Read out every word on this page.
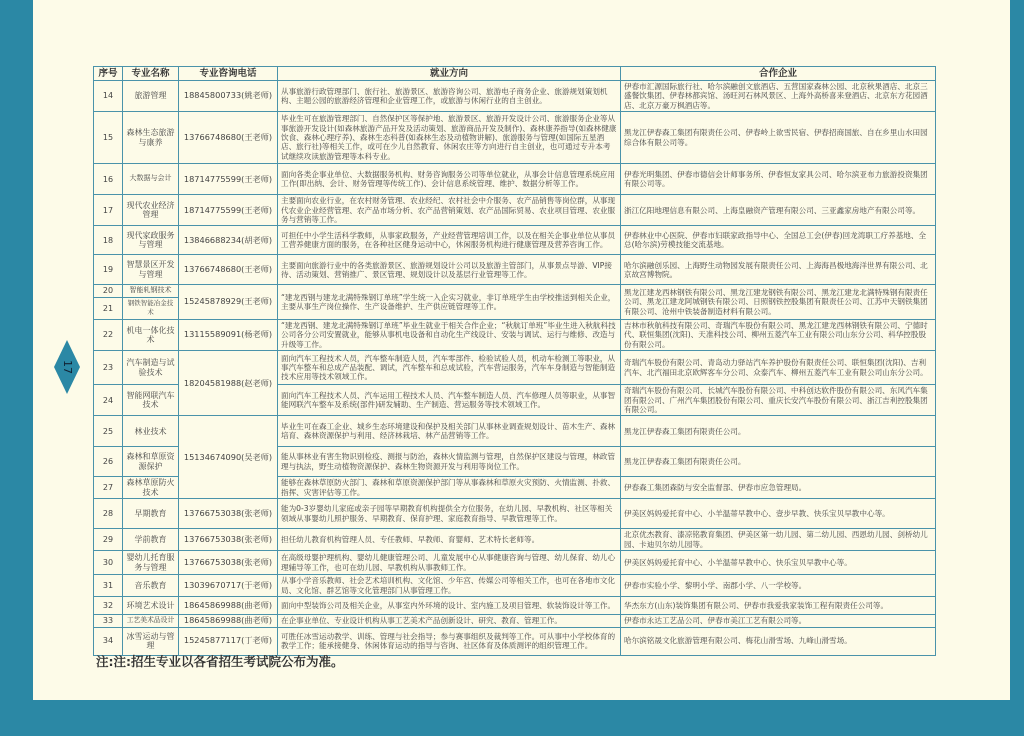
17
序号	专业名称	专业咨询电话	就业方向	合作企业
14	旅游管理	18845800733(姚老师)	从事旅游行政管理部门、旅行社、旅游景区、旅游咨询公司、旅游电子商务企业、旅游规划策划机构、主题公园的旅游经济管理和企业管理工作，或旅游与休闲行业的自主创业。	伊春市汇源国际旅行社、哈尔滨融创文旅酒店、五营国家森林公园、北京秋果酒店、北京三盛餐饮集团、伊春林都宾馆、汤旺河石林风景区、上海外高桥喜来登酒店、北京东方花园酒店、北京万豪万枫酒店等。
15	森林生态旅游与康养	13766748680(王老师)	毕业生可在旅游管理部门、自然保护区等保护地、旅游景区、旅游开发设计公司、旅游服务企业等从事旅游开发设计(如森林旅游产品开发及活动策划、旅游商品开发及制作)、森林康养指导(如森林健康饮食、森林心理疗养)、森林生态科普(如森林生态及动植物讲解)、旅游服务与管理(如国际五星酒店、旅行社)等相关工作，或可在少儿自然教育、休闲农庄等方向进行自主创业，也可通过专升本考试继续攻读旅游管理等本科专业。	黑龙江伊春森工集团有限责任公司、伊春岭上欲雪民宿、伊春招商国旅、自在乡里山水田园综合体有限公司等。
16	大数据与会计	18714775599(王老师)	面向各类企事业单位、大数据服务机构、财务咨询服务公司等单位就业，从事会计信息管理系统应用工作(即出纳、会计、财务管理等传统工作)、会计信息系统管理、维护、数据分析等工作。	伊春光明集团、伊春市德信会计师事务所、伊春恒友家具公司、哈尔滨亚布力旅游投资集团有限公司等。
17	现代农业经济管理	18714775599(王老师)	主要面向农业行业，在农村财务管理、农业经纪、农村社会中介服务、农产品销售等岗位群，从事现代农业企业经营管理、农产品市场分析、农产品营销策划、农产品国际贸易、农业项目管理、农业服务与营销等工作。	浙江亿阳地理信息有限公司、上海皇融资产管理有限公司、三亚鑫家房地产有限公司等。
18	现代家政服务与管理	13846688234(胡老师)	可担任中小学生活科学教师，从事家政服务，产业经营管理培训工作，以及在相关企事业单位从事员工营养健康方面的服务，在各种社区健身运动中心，休闲服务机构进行健康管理及营养咨询工作。	伊春林业中心医院、伊春市妇联家政指导中心、全国总工会(伊春)回龙湾职工疗养基地、全总(哈尔滨)劳模技能交流基地。
19	智慧景区开发与管理	13766748680(王老师)	主要面向旅游行业中的各类旅游景区、旅游规划设计公司以及旅游主管部门，从事景点导游、VIP接待、活动策划、营销推广、景区管理、规划设计以及基层行业管理等工作。	哈尔滨融创乐园、上海野生动物园发展有限责任公司、上海海昌极地海洋世界有限公司、北京故宫博物院。
20	智能轧钢技术	15245878929(王老师)	“建龙西钢与建龙北满特殊钢订单班”学生统一入企实习就业，非订单班学生由学校推送到相关企业，主要从事生产岗位操作、生产设备维护、生产供应链管理等工作。	黑龙江建龙西林钢铁有限公司、黑龙江建龙钢铁有限公司、黑龙江建龙北满特殊钢有限责任公司、黑龙江建龙阿城钢铁有限公司、日照钢铁控股集团有限责任公司、江苏中天钢铁集团有限公司、沧州中铁装备制造材料有限公司。
21	钢铁智能冶金技术			
22	机电一体化技术	13115589091(杨老师)	“建龙西钢、建龙北满特殊钢订单班”毕业生就业于相关合作企业；“秋航订单班”毕业生进入秋航科技公司各分公司安置就业，能够从事机电设备和自动化生产线设计、安装与调试、运行与维修、改造与升级等工作。	吉林市秋航科技有限公司、奇瑞汽车股份有限公司、黑龙江建龙西林钢铁有限公司、宁德时代、联恒集团(沈阳)、天准科技公司、柳州五菱汽车工业有限公司山东分公司、科华控股股份有限公司。
23	汽车制造与试验技术	18204581988(赵老师)	面向汽车工程技术人员，汽车整车制造人员，汽车零部件、检验试验人员，机动车检测工等职业，从事汽车整车和总成产品装配、调试，汽车整车和总成试验，汽车营运服务，汽车车身制造与智能制造技术应用等技术领域工作。	奇瑞汽车股份有限公司、青岛动力驿站汽车养护股份有限责任公司、联恒集团(沈阳)、吉利汽车、北汽福田北京欧辉客车分公司、众泰汽车、柳州五菱汽车工业有限公司山东分公司。
24	智能网联汽车技术		面向汽车工程技术人员、汽车运用工程技术人员、汽车整车制造人员、汽车修理人员等职业，从事智能网联汽车整车及系统(部件)研发辅助、生产制造、营运服务等技术领域工作。	奇瑞汽车股份有限公司、长城汽车股份有限公司、中科创达软件股份有限公司、东风汽车集团有限公司、广州汽车集团股份有限公司、重庆长安汽车股份有限公司、浙江吉利控股集团有限公司。
25	林业技术	15134674090(吴老师)	毕业生可在森工企业、城乡生态环境建设和保护及相关部门从事林业调查规划设计、苗木生产、森林培育、森林资源保护与利用、经济林栽培、林产品营销等工作。	黑龙江伊春森工集团有限责任公司。
26	森林和草原资源保护		能从事林业有害生物识别检疫、测报与防治，森林火情监测与管理，自然保护区建设与管理，林政管理与执法，野生动植物资源保护、森林生物资源开发与利用等岗位工作。	黑龙江伊春森工集团有限责任公司。
27	森林草原防火技术		能够在森林草原防火部门、森林和草原资源保护部门等从事森林和草原火灾预防、火情监测、扑救、指挥、灾害评估等工作。	伊春森工集团森防与安全监督部、伊春市应急管理局。
28	早期教育	13766753038(张老师)	能为0-3岁婴幼儿家庭或亲子园等早期教育机构提供全方位服务，在幼儿园、早教机构、社区等相关领域从事婴幼儿照护服务、早期教育、保育护理、家庭教育指导、早教管理等工作。	伊美区妈妈爱托育中心、小羊温蒂早教中心、壹步早教、快乐宝贝早教中心等。
29	学前教育	13766753038(张老师)	担任幼儿教育机构管理人员、专任教师、早教师、育婴师、艺术特长老师等。	北京优杰教育、漆凉铭教育集团、伊美区第一幼儿园、第二幼儿园、西恩幼儿园、剑桥幼儿园、卡迪贝尔幼儿园等。
30	婴幼儿托育服务与管理	13766753038(张老师)	在高级母婴护理机构、婴幼儿健康管理公司、儿童发展中心从事健康咨询与管理、幼儿保育、幼儿心理辅导等工作，也可在幼儿园、早教机构从事教师工作。	伊美区妈妈爱托育中心、小羊温蒂早教中心、快乐宝贝早教中心等。
31	音乐教育	13039670717(于老师)	从事小学音乐教师、社会艺术培训机构、文化馆、少年宫、传媒公司等相关工作，也可在各地市文化局、文化馆、群艺馆等文化管理部门从事管理工作。	伊春市实验小学、黎明小学、南郡小学、八一学校等。
32	环境艺术设计	18645869988(曲老师)	面向中型装饰公司及相关企业，从事室内外环境的设计、室内施工及项目管理、软装饰设计等工作。	华杰东方(山东)装饰集团有限公司、伊春市我爱我家装饰工程有限责任公司等。
33	工艺美术品设计	18645869988(曲老师)	在企事业单位、专业设计机构从事工艺美术产品创新设计、研究、教育、管理工作。	伊春市永达工艺品公司、伊春市美江工艺有限公司等。
34	冰雪运动与管理	15245877117(丁老师)	可胜任冰雪运动教学、训练、管理与社会指导；参与赛事组织及裁判等工作。可从事中小学校体育的教学工作；能承接健身、休闲体育运动的指导与咨询、社区体育及体质测评的组织管理工作。	哈尔滨铭晟文化旅游管理有限公司、梅花山滑雪场、九峰山滑雪场。
注:注:招生专业以各省招生考试院公布为准。
